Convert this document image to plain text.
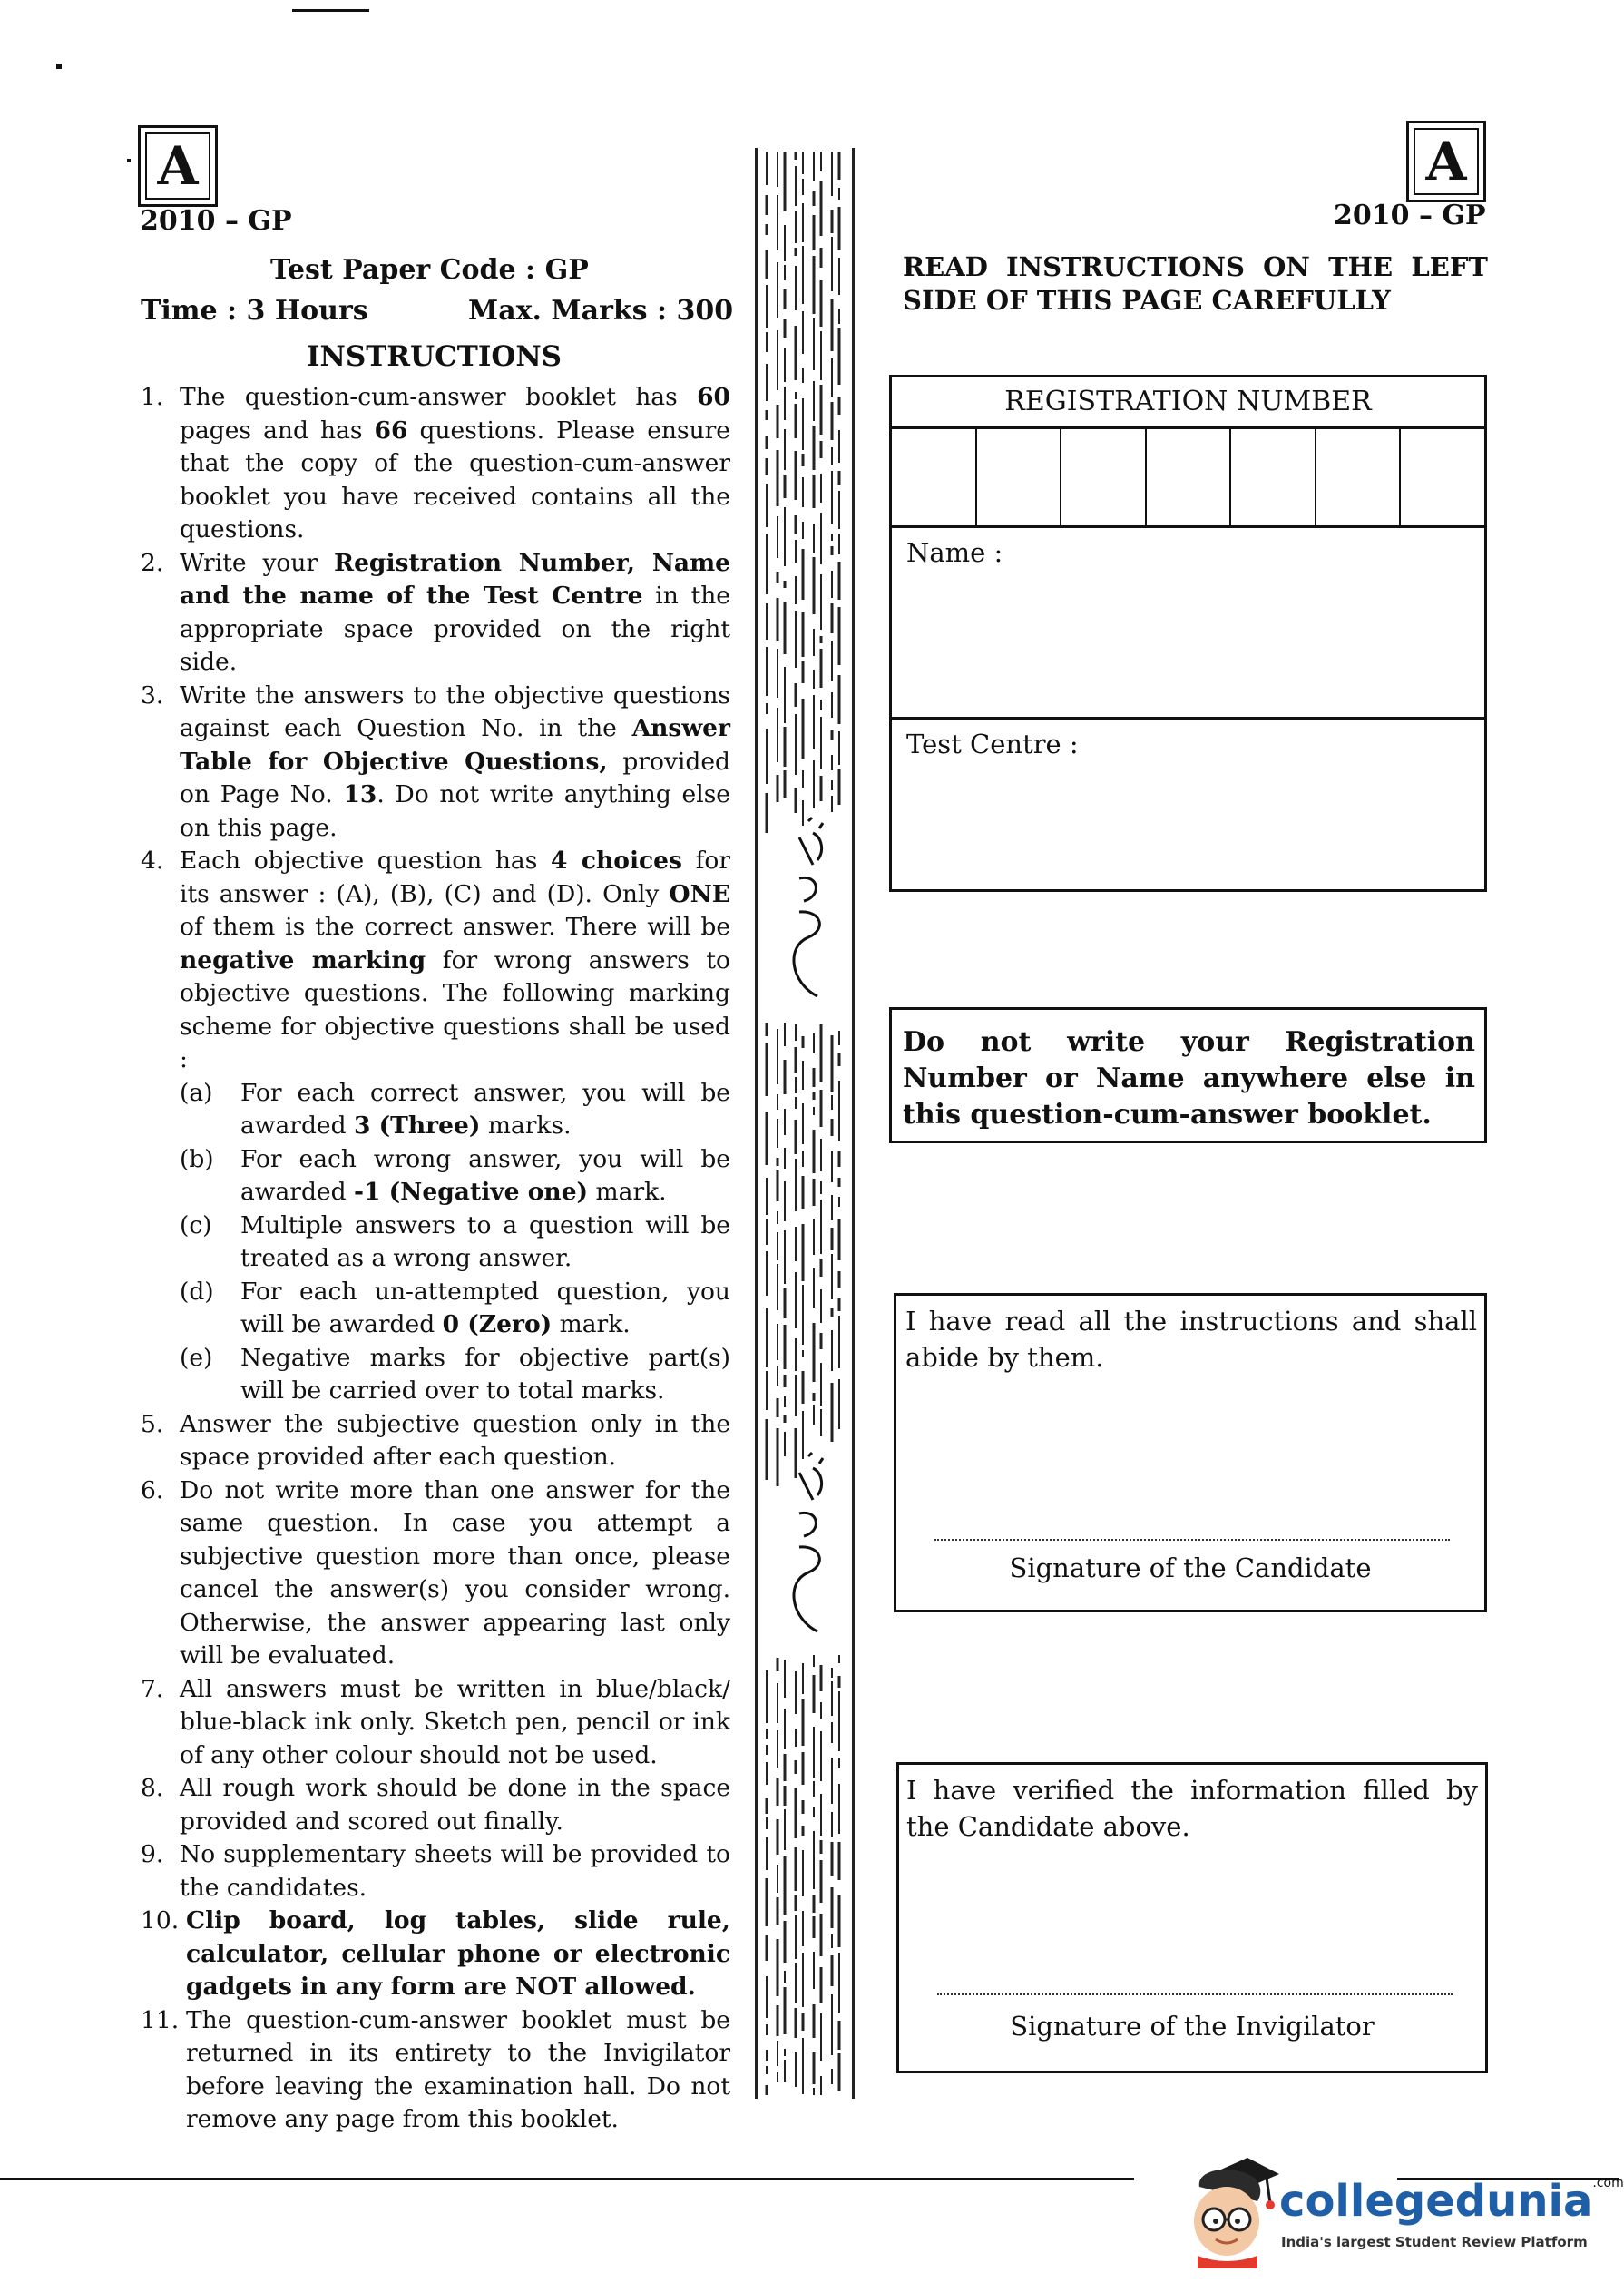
A
2010 – GP
Test Paper Code : GP
Time : 3 Hours	Max. Marks : 300
INSTRUCTIONS
1. The question-cum-answer booklet has 60 pages and has 66 questions. Please ensure that the copy of the question-cum-answer booklet you have received contains all the questions.
2. Write your Registration Number, Name and the name of the Test Centre in the appropriate space provided on the right side.
3. Write the answers to the objective questions against each Question No. in the Answer Table for Objective Questions, provided on Page No. 13. Do not write anything else on this page.
4. Each objective question has 4 choices for its answer : (A), (B), (C) and (D). Only ONE of them is the correct answer. There will be negative marking for wrong answers to objective questions. The following marking scheme for objective questions shall be used :
(a) For each correct answer, you will be awarded 3 (Three) marks.
(b) For each wrong answer, you will be awarded -1 (Negative one) mark.
(c) Multiple answers to a question will be treated as a wrong answer.
(d) For each un-attempted question, you will be awarded 0 (Zero) mark.
(e) Negative marks for objective part(s) will be carried over to total marks.
5. Answer the subjective question only in the space provided after each question.
6. Do not write more than one answer for the same question. In case you attempt a subjective question more than once, please cancel the answer(s) you consider wrong. Otherwise, the answer appearing last only will be evaluated.
7. All answers must be written in blue/black/ blue-black ink only. Sketch pen, pencil or ink of any other colour should not be used.
8. All rough work should be done in the space provided and scored out finally.
9. No supplementary sheets will be provided to the candidates.
10. Clip board, log tables, slide rule, calculator, cellular phone or electronic gadgets in any form are NOT allowed.
11. The question-cum-answer booklet must be returned in its entirety to the Invigilator before leaving the examination hall. Do not remove any page from this booklet.
A
2010 – GP
READ INSTRUCTIONS ON THE LEFT SIDE OF THIS PAGE CAREFULLY
REGISTRATION NUMBER
Name :
Test Centre :
Do not write your Registration Number or Name anywhere else in this question-cum-answer booklet.
I have read all the instructions and shall abide by them.
Signature of the Candidate
I have verified the information filled by the Candidate above.
Signature of the Invigilator
collegedunia$^{.com}$
India's largest Student Review Platform
